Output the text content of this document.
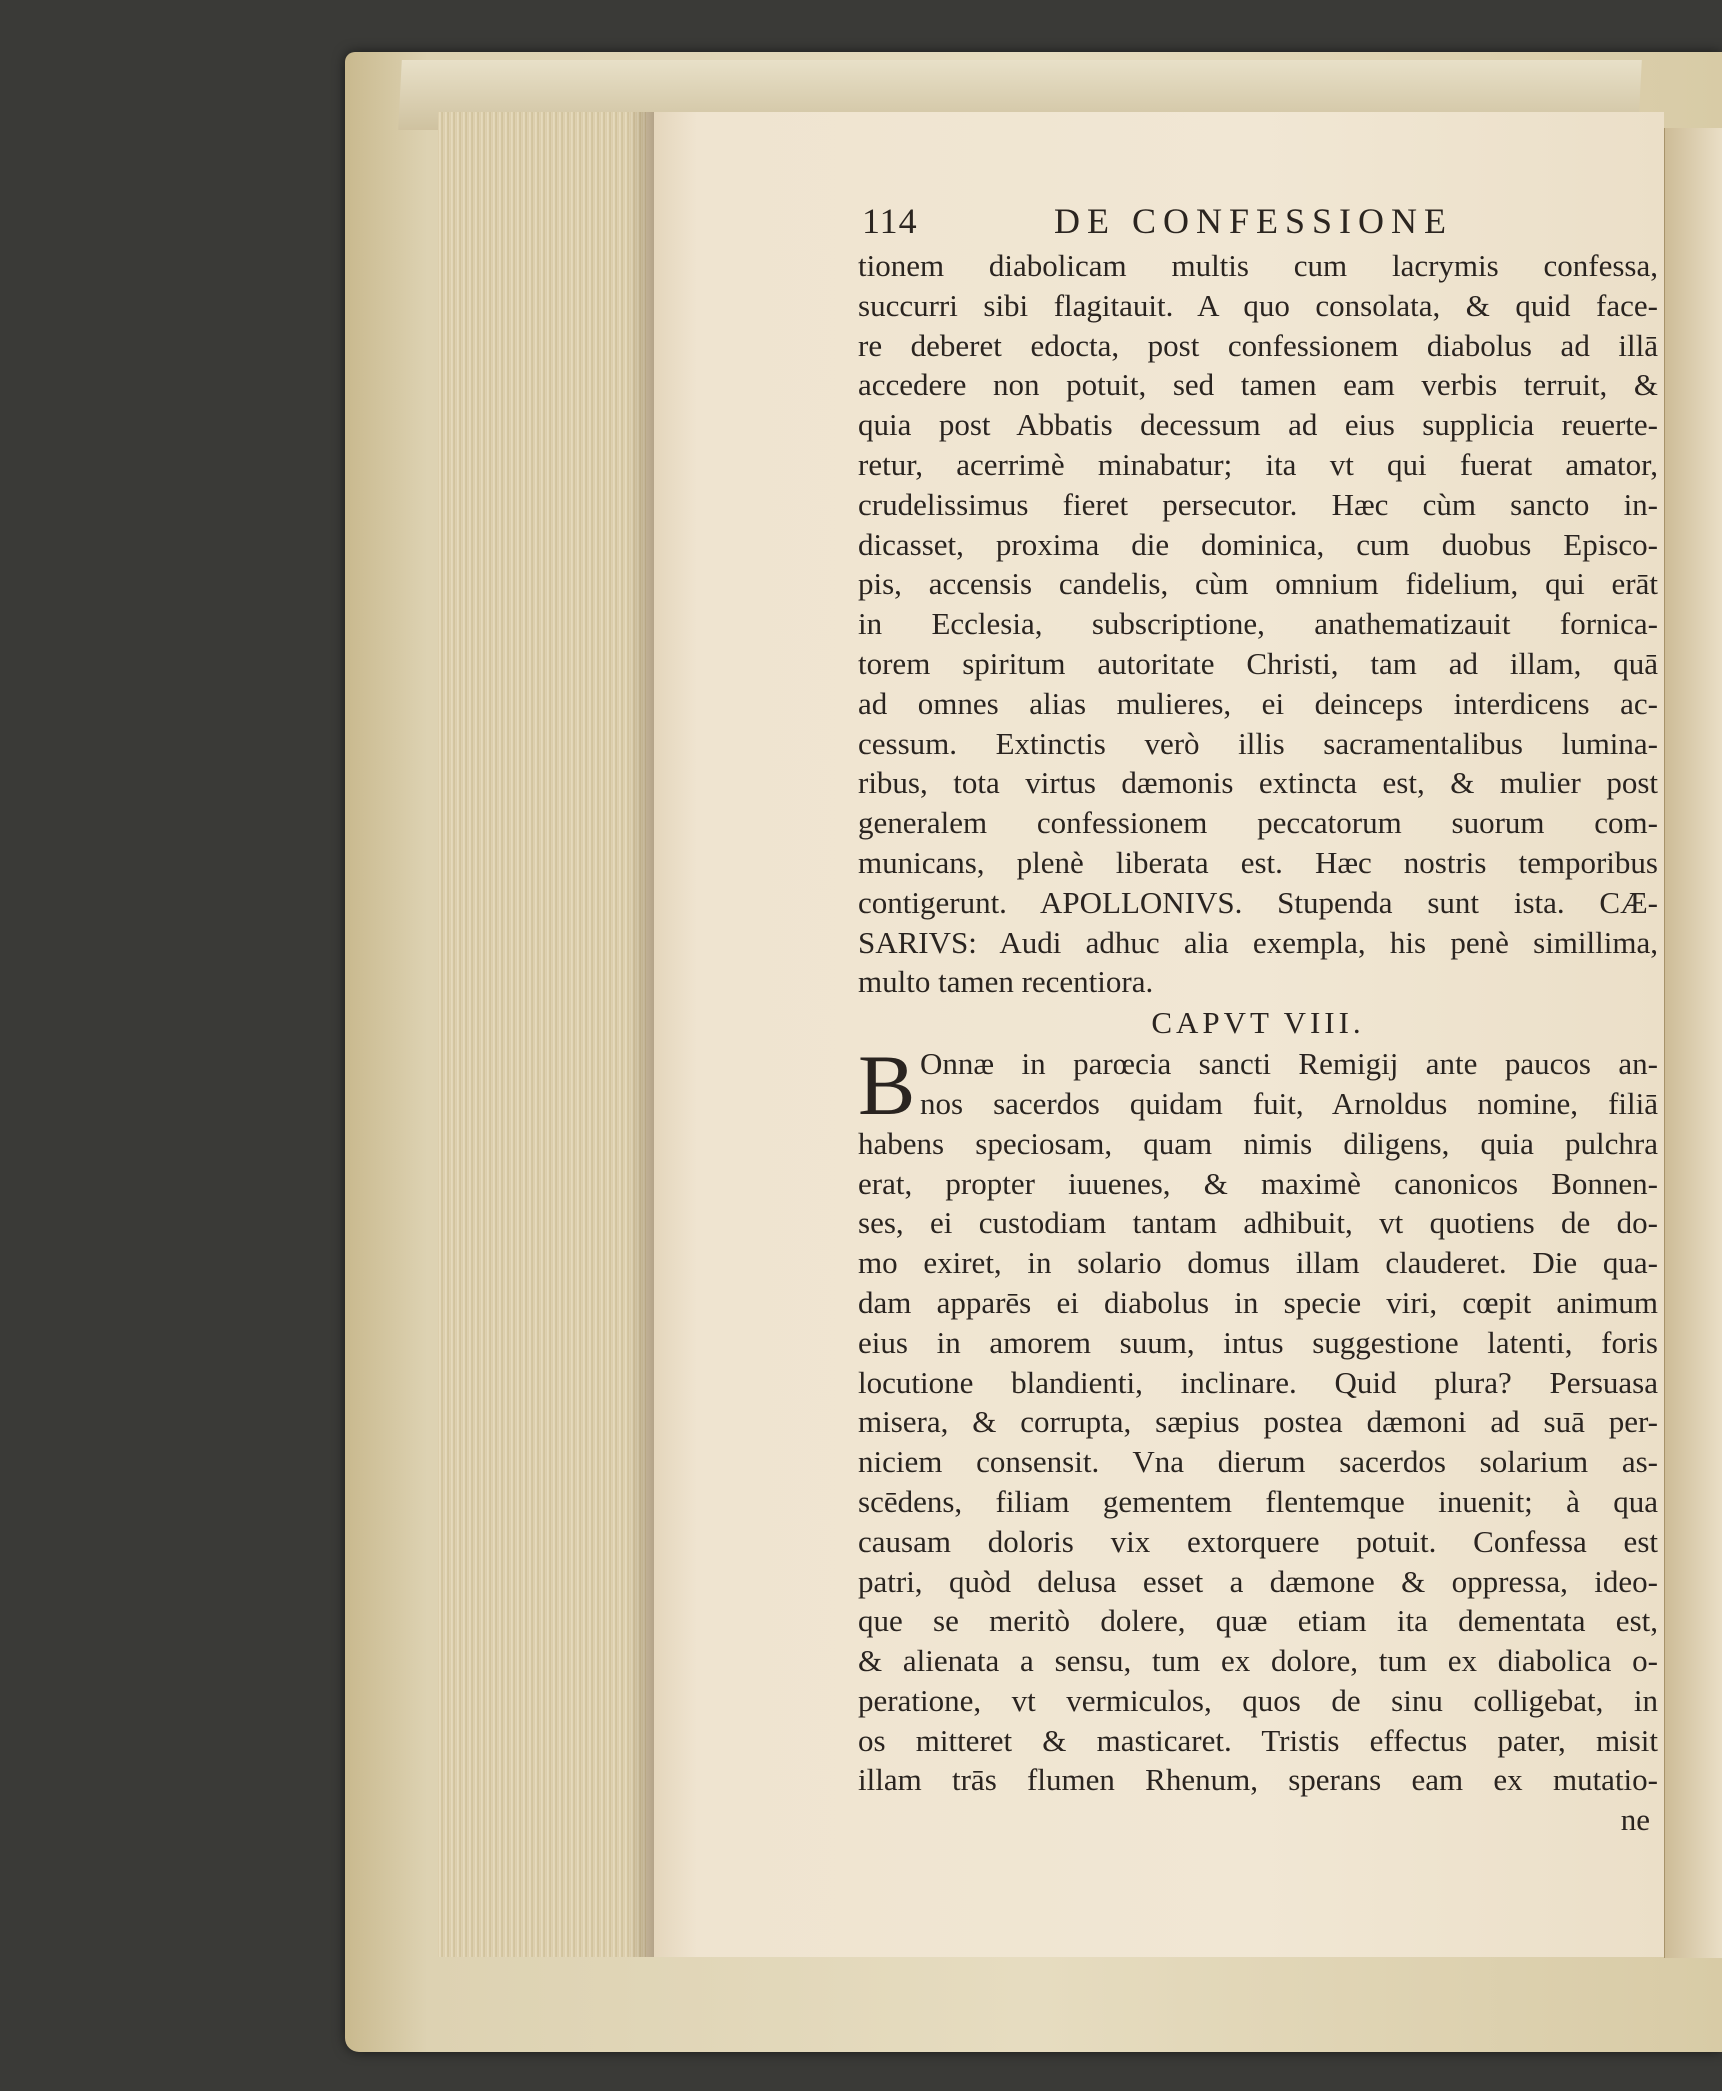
114	DE CONFESSIONE
tionem diabolicam multis cum lacrymis confessa,
succurri sibi flagitauit. A quo consolata, & quid face-
re deberet edocta, post confessionem diabolus ad illā
accedere non potuit, sed tamen eam verbis terruit, &
quia post Abbatis decessum ad eius supplicia reuerte-
retur, acerrimè minabatur; ita vt qui fuerat amator,
crudelissimus fieret persecutor. Hæc cùm sancto in-
dicasset, proxima die dominica, cum duobus Episco-
pis, accensis candelis, cùm omnium fidelium, qui erāt
in Ecclesia, subscriptione, anathematizauit fornica-
torem spiritum autoritate Christi, tam ad illam, quā
ad omnes alias mulieres, ei deinceps interdicens ac-
cessum. Extinctis verò illis sacramentalibus lumina-
ribus, tota virtus dæmonis extincta est, & mulier post
generalem confessionem peccatorum suorum com-
municans, plenè liberata est. Hæc nostris temporibus
contigerunt. APOLLONIVS. Stupenda sunt ista. CÆ-
SARIVS: Audi adhuc alia exempla, his penè simillima,
multo tamen recentiora.
CAPVT VIII.
B Onnæ in parœcia sancti Remigij ante paucos an-
nos sacerdos quidam fuit, Arnoldus nomine, filiā
habens speciosam, quam nimis diligens, quia pulchra
erat, propter iuuenes, & maximè canonicos Bonnen-
ses, ei custodiam tantam adhibuit, vt quotiens de do-
mo exiret, in solario domus illam clauderet. Die qua-
dam apparēs ei diabolus in specie viri, cœpit animum
eius in amorem suum, intus suggestione latenti, foris
locutione blandienti, inclinare. Quid plura? Persuasa
misera, & corrupta, sæpius postea dæmoni ad suā per-
niciem consensit. Vna dierum sacerdos solarium as-
scēdens, filiam gementem flentemque inuenit; à qua
causam doloris vix extorquere potuit. Confessa est
patri, quòd delusa esset a dæmone & oppressa, ideo-
que se meritò dolere, quæ etiam ita dementata est,
& alienata a sensu, tum ex dolore, tum ex diabolica o-
peratione, vt vermiculos, quos de sinu colligebat, in
os mitteret & masticaret. Tristis effectus pater, misit
illam trās flumen Rhenum, sperans eam ex mutatio-
ne
